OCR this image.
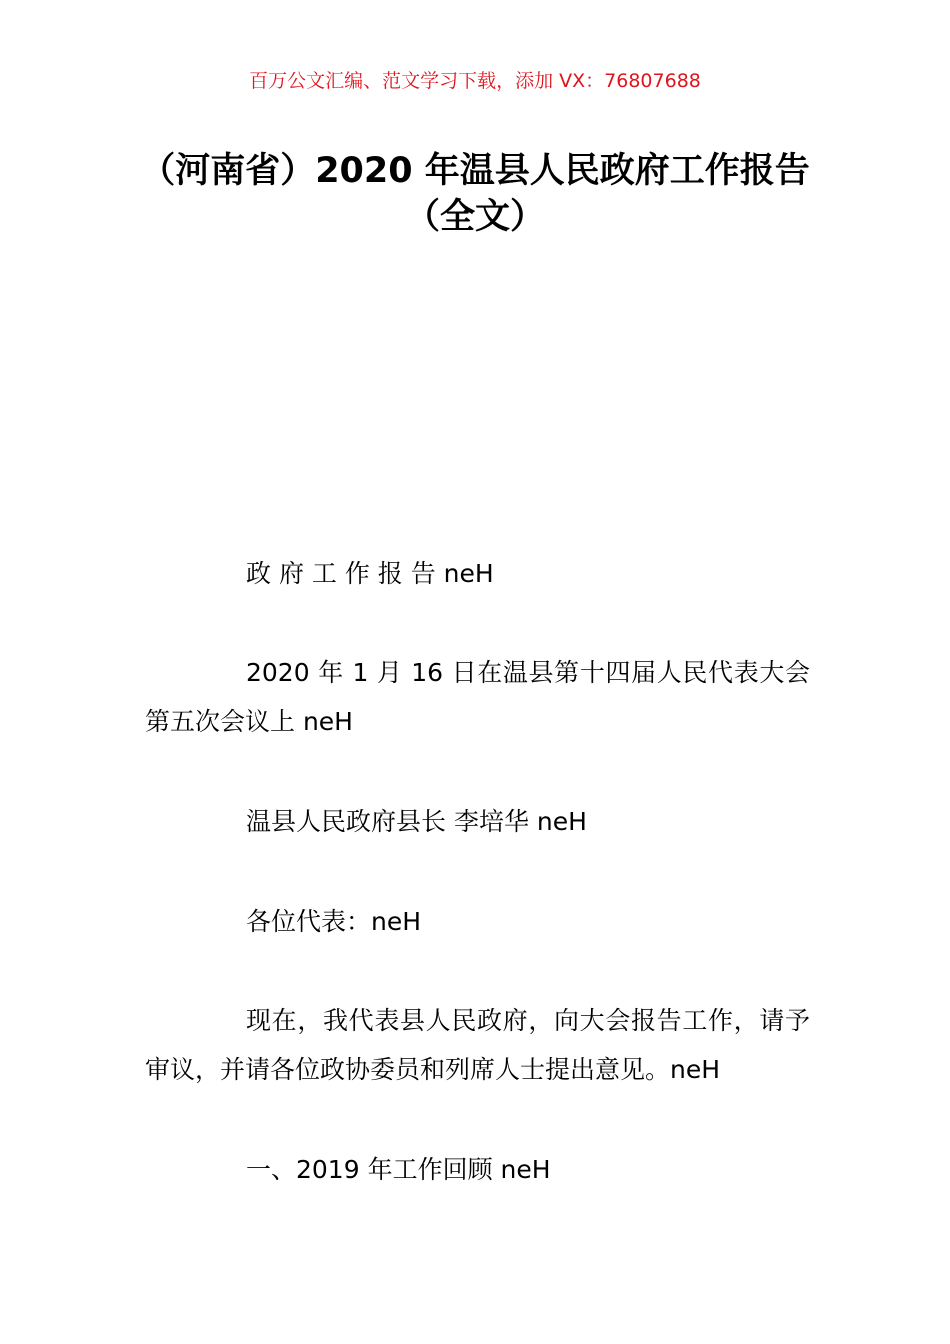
百万公文汇编、范文学习下载，添加 VX：76807688
（河南省）2020 年温县人民政府工作报告
（全文）

政 府 工 作 报 告 neH

2020 年 1 月 16 日在温县第十四届人民代表大会第五次会议上 neH

温县人民政府县长 李培华 neH

各位代表：neH

现在，我代表县人民政府，向大会报告工作，请予审议，并请各位政协委员和列席人士提出意见。neH

一、2019 年工作回顾 neH
